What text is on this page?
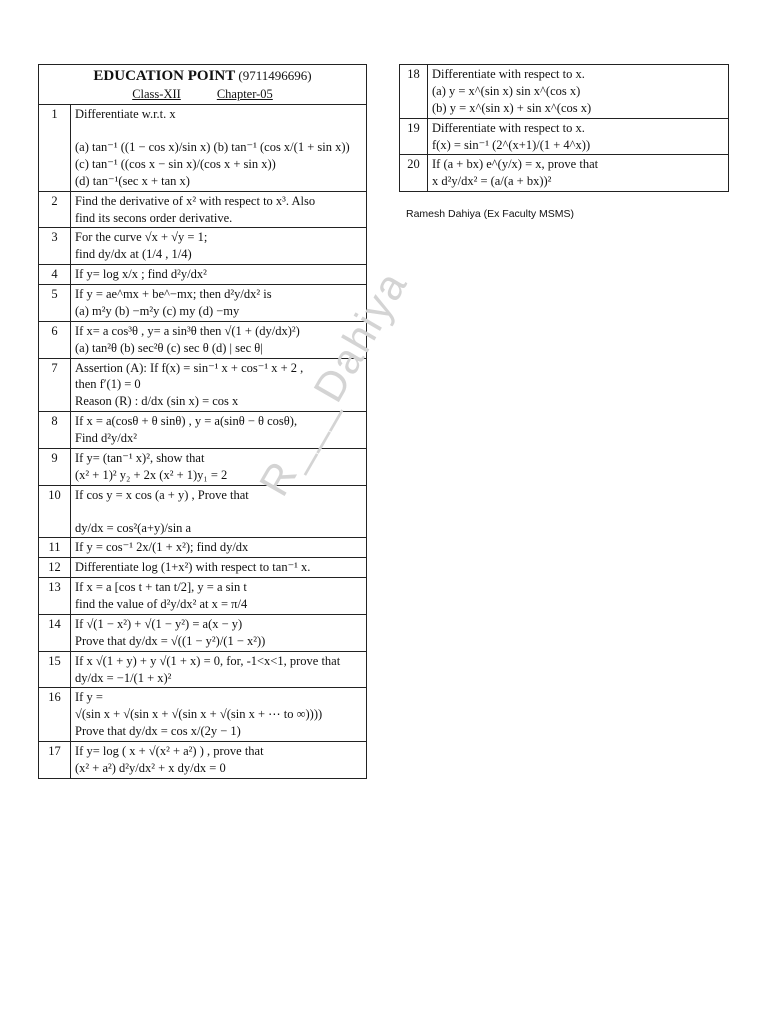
EDUCATION POINT (9711496696)
Class-XII Chapter-05	

1	Differentiate w.r.t. x
(a) tan⁻¹ ((1 − cos x)/sin x) (b) tan⁻¹ (cos x/(1 + sin x))
(c) tan⁻¹ ((cos x − sin x)/(cos x + sin x))
(d) tan⁻¹(sec x + tan x)

2	Find the derivative of x² with respect to x³. Also
find its secons order derivative.

3	For the curve √x + √y = 1;
find dy/dx at (1/4 , 1/4)

4	If y= log x/x ; find d²y/dx²

5	If y = ae^mx + be^−mx; then d²y/dx² is
(a) m²y (b) −m²y (c) my (d) −my

6	If x= a cos³θ , y= a sin³θ then √(1 + (dy/dx)²)
(a) tan²θ (b) sec²θ (c) sec θ (d) | sec θ|

7	Assertion (A): If f(x) = sin⁻¹ x + cos⁻¹ x + 2 ,
then f′(1) = 0
Reason (R) : d/dx (sin x) = cos x

8	If x = a(cosθ + θ sinθ) , y = a(sinθ − θ cosθ),
Find d²y/dx²

9	If y= (tan⁻¹ x)², show that
(x² + 1)² y₂ + 2x (x² + 1)y₁ = 2

10	If cos y = x cos (a + y) , Prove that
dy/dx = cos²(a+y)/sin a

11	If y = cos⁻¹ 2x/(1 + x²); find dy/dx

12	Differentiate log (1+x²) with respect to tan⁻¹ x.

13	If x = a [cos t + tan t/2], y = a sin t
find the value of d²y/dx² at x = π/4

14	If √(1 − x²) + √(1 − y²) = a(x − y)
Prove that dy/dx = √((1 − y²)/(1 − x²))

15	If x √(1 + y) + y √(1 + x) = 0, for, -1<x<1, prove that
dy/dx = −1/(1 + x)²

16	If y =
√(sin x + √(sin x + √(sin x + √(sin x + ⋯ to ∞))))
Prove that dy/dx = cos x/(2y − 1)

17	If y= log ( x + √(x² + a²) ) , prove that
(x² + a²) d²y/dx² + x dy/dx = 0
18	Differentiate with respect to x.
(a) y = x^(sin x) sin x^(cos x)
(b) y = x^(sin x) + sin x^(cos x)

19	Differentiate with respect to x.
f(x) = sin⁻¹ (2^(x+1)/(1 + 4^x))

20	If (a + bx) e^(y/x) = x, prove that
x d²y/dx² = (a/(a + bx))²
Ramesh Dahiya (Ex Faculty MSMS)
R___Dahiya
